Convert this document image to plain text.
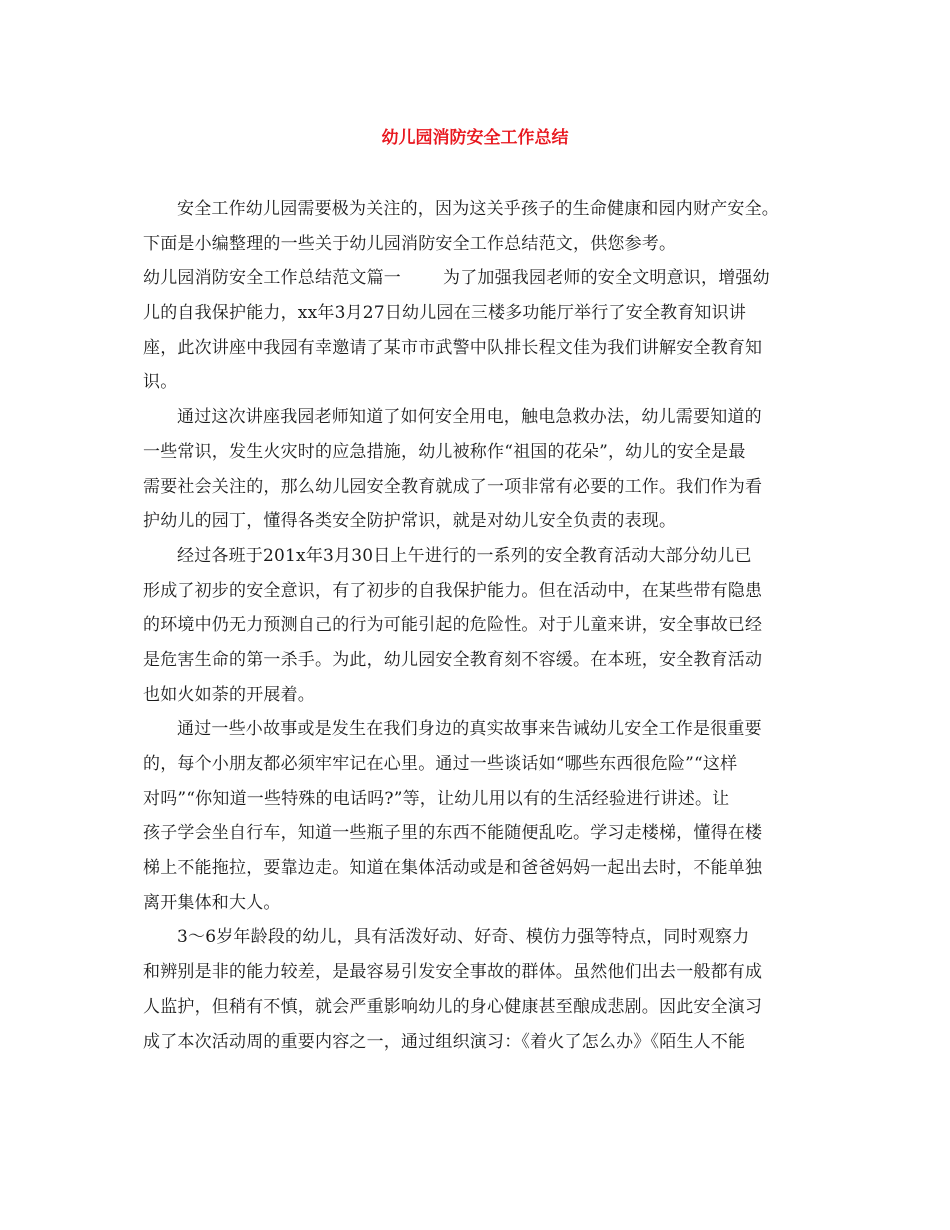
幼儿园消防安全工作总结
安全工作幼儿园需要极为关注的，因为这关乎孩子的生命健康和园内财产安全。
下面是小编整理的一些关于幼儿园消防安全工作总结范文，供您参考。
幼儿园消防安全工作总结范文篇一 为了加强我园老师的安全文明意识，增强幼
儿的自我保护能力，xx年3月27日幼儿园在三楼多功能厅举行了安全教育知识讲
座，此次讲座中我园有幸邀请了某市市武警中队排长程文佳为我们讲解安全教育知
识。
通过这次讲座我园老师知道了如何安全用电，触电急救办法，幼儿需要知道的
一些常识，发生火灾时的应急措施，幼儿被称作“祖国的花朵”，幼儿的安全是最
需要社会关注的，那么幼儿园安全教育就成了一项非常有必要的工作。我们作为看
护幼儿的园丁，懂得各类安全防护常识，就是对幼儿安全负责的表现。
经过各班于201x年3月30日上午进行的一系列的安全教育活动大部分幼儿已
形成了初步的安全意识，有了初步的自我保护能力。但在活动中，在某些带有隐患
的环境中仍无力预测自己的行为可能引起的危险性。对于儿童来讲，安全事故已经
是危害生命的第一杀手。为此，幼儿园安全教育刻不容缓。在本班，安全教育活动
也如火如荼的开展着。
通过一些小故事或是发生在我们身边的真实故事来告诫幼儿安全工作是很重要
的，每个小朋友都必须牢牢记在心里。通过一些谈话如“哪些东西很危险”“这样
对吗”“你知道一些特殊的电话吗?”等，让幼儿用以有的生活经验进行讲述。让
孩子学会坐自行车，知道一些瓶子里的东西不能随便乱吃。学习走楼梯，懂得在楼
梯上不能拖拉，要靠边走。知道在集体活动或是和爸爸妈妈一起出去时，不能单独
离开集体和大人。
3～6岁年龄段的幼儿，具有活泼好动、好奇、模仿力强等特点，同时观察力
和辨别是非的能力较差，是最容易引发安全事故的群体。虽然他们出去一般都有成
人监护，但稍有不慎，就会严重影响幼儿的身心健康甚至酿成悲剧。因此安全演习
成了本次活动周的重要内容之一，通过组织演习：《着火了怎么办》《陌生人不能
